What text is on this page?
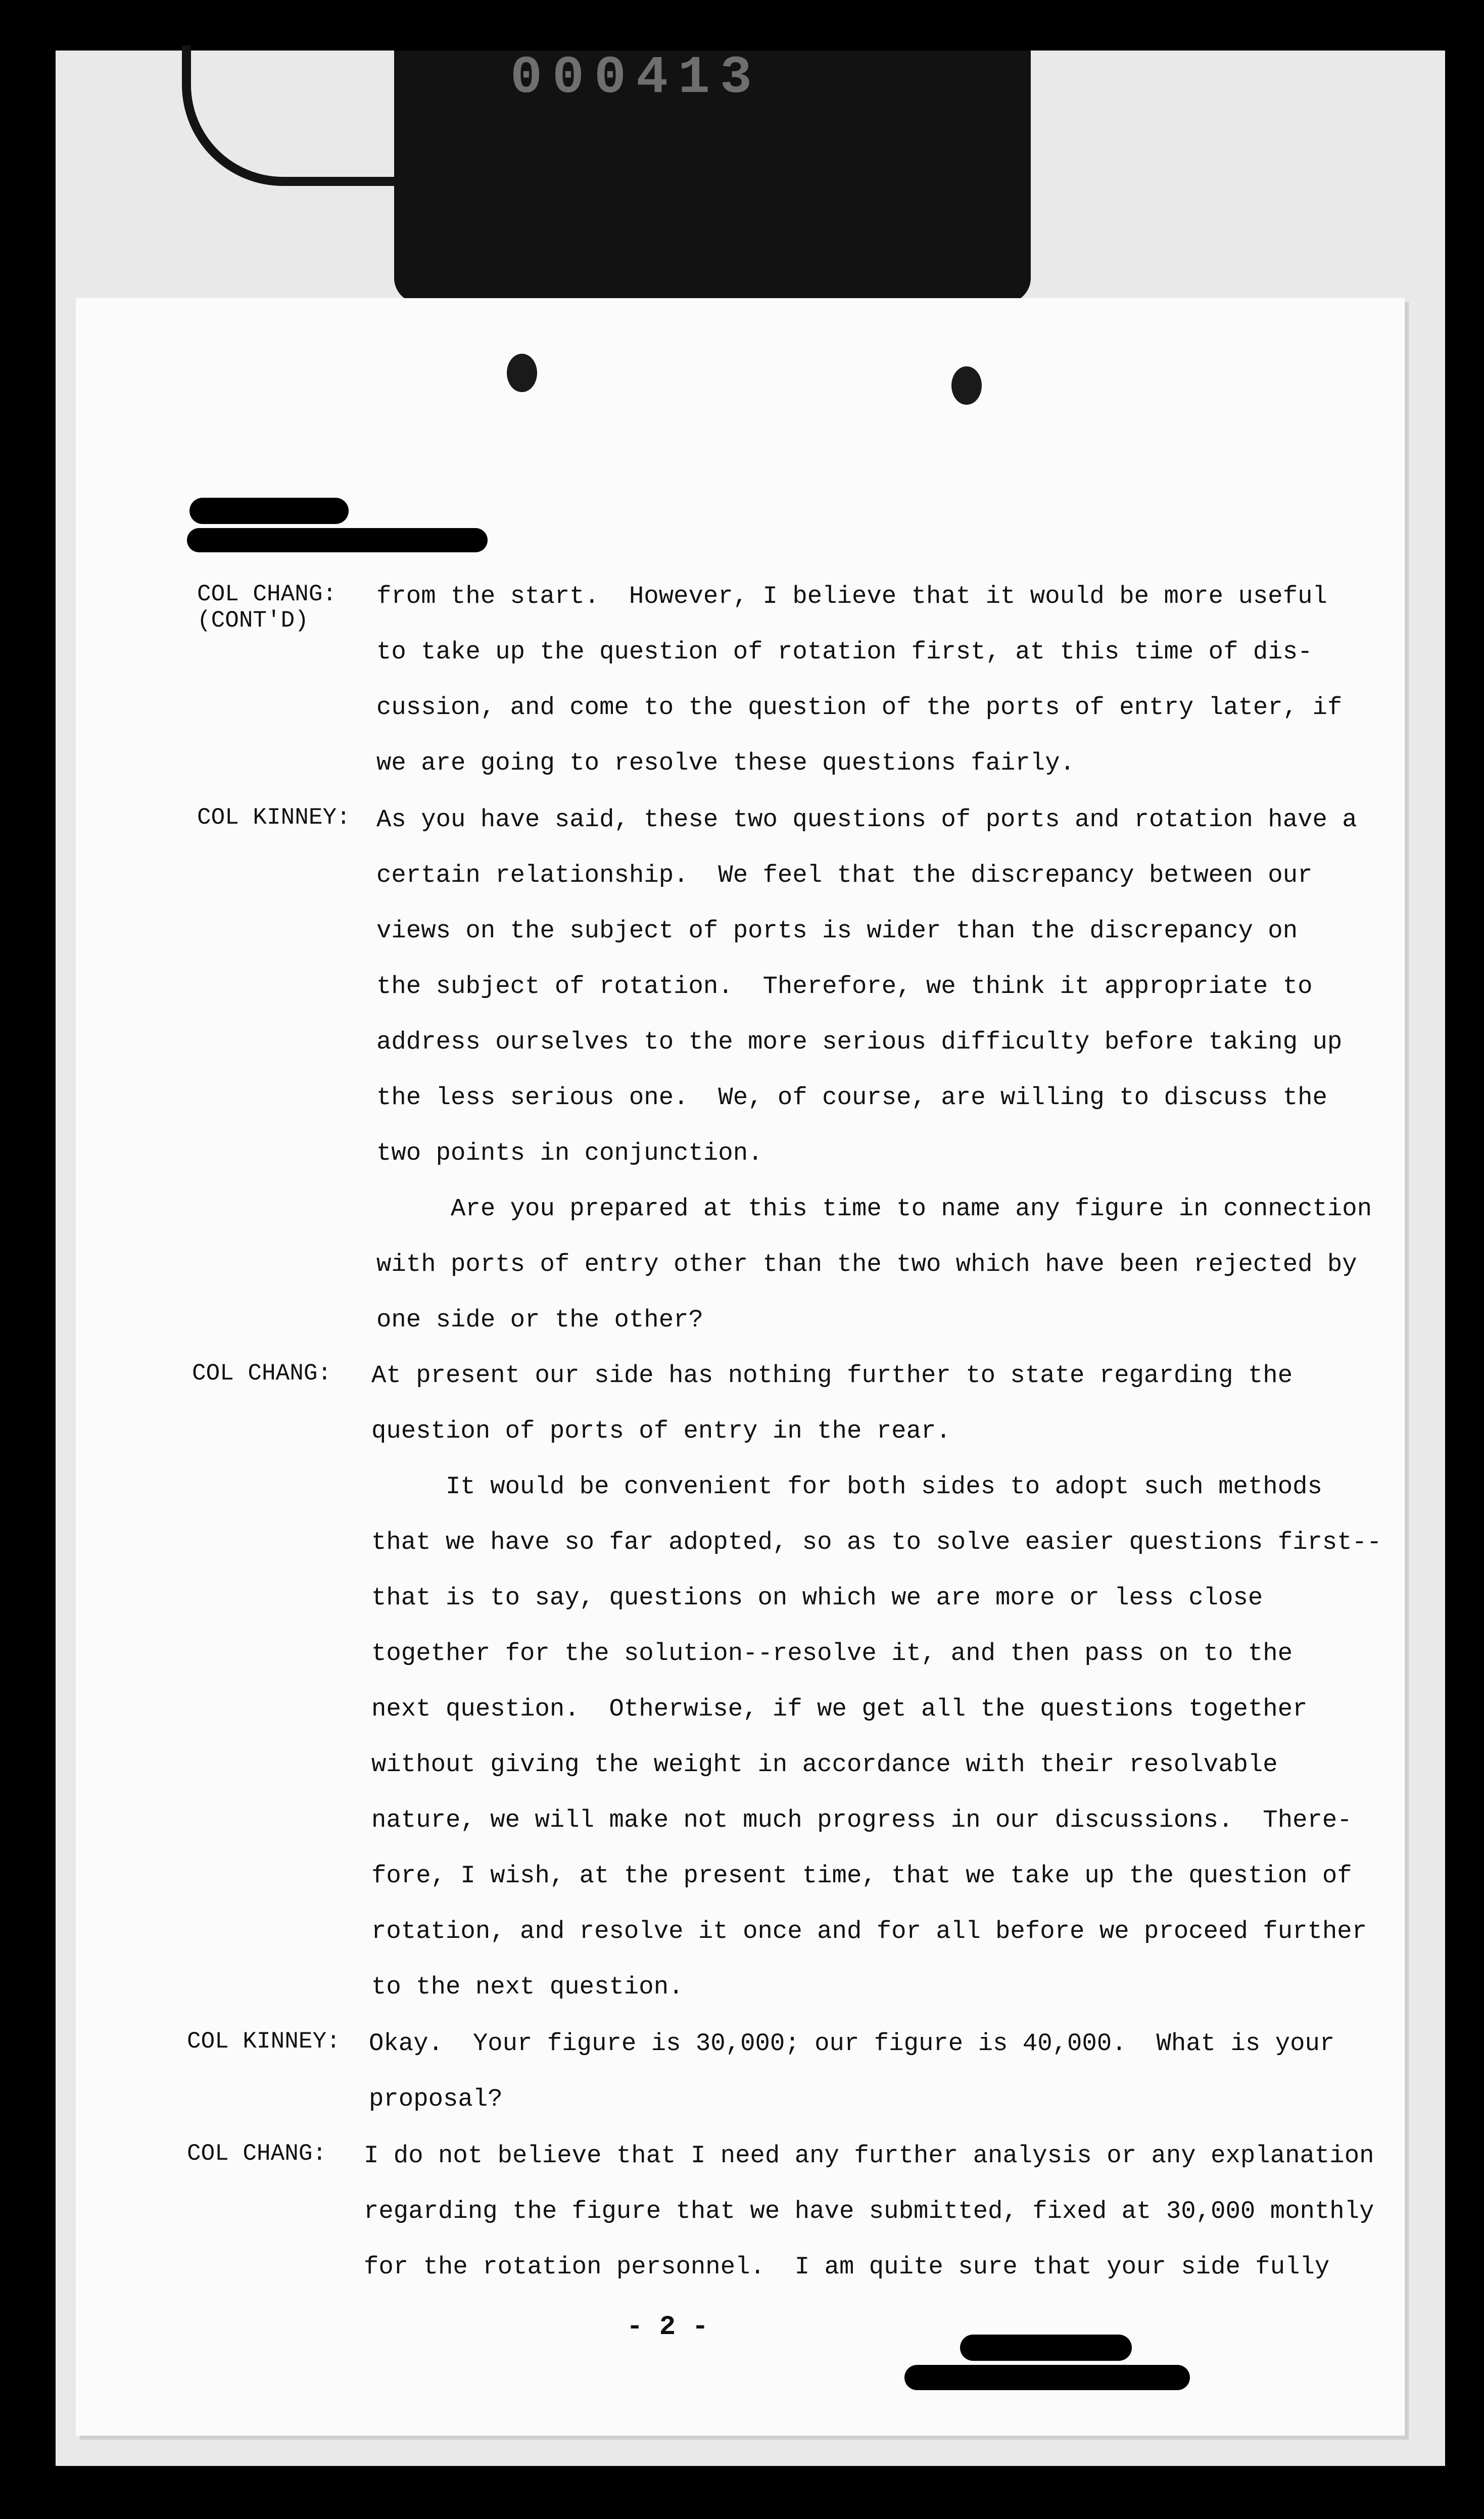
000413
COL CHANG:
(CONT'D)
from the start.  However, I believe that it would be more useful
to take up the question of rotation first, at this time of dis-
cussion, and come to the question of the ports of entry later, if
we are going to resolve these questions fairly.
COL KINNEY: As you have said, these two questions of ports and rotation have a
certain relationship.  We feel that the discrepancy between our
views on the subject of ports is wider than the discrepancy on
the subject of rotation.  Therefore, we think it appropriate to
address ourselves to the more serious difficulty before taking up
the less serious one.  We, of course, are willing to discuss the
two points in conjunction.
Are you prepared at this time to name any figure in connection
with ports of entry other than the two which have been rejected by
one side or the other?
COL CHANG: At present our side has nothing further to state regarding the
question of ports of entry in the rear.
It would be convenient for both sides to adopt such methods
that we have so far adopted, so as to solve easier questions first--
that is to say, questions on which we are more or less close
together for the solution--resolve it, and then pass on to the
next question.  Otherwise, if we get all the questions together
without giving the weight in accordance with their resolvable
nature, we will make not much progress in our discussions.  There-
fore, I wish, at the present time, that we take up the question of
rotation, and resolve it once and for all before we proceed further
to the next question.
COL KINNEY: Okay.  Your figure is 30,000; our figure is 40,000.  What is your
proposal?
COL CHANG: I do not believe that I need any further analysis or any explanation
regarding the figure that we have submitted, fixed at 30,000 monthly
for the rotation personnel.  I am quite sure that your side fully
- 2 -
